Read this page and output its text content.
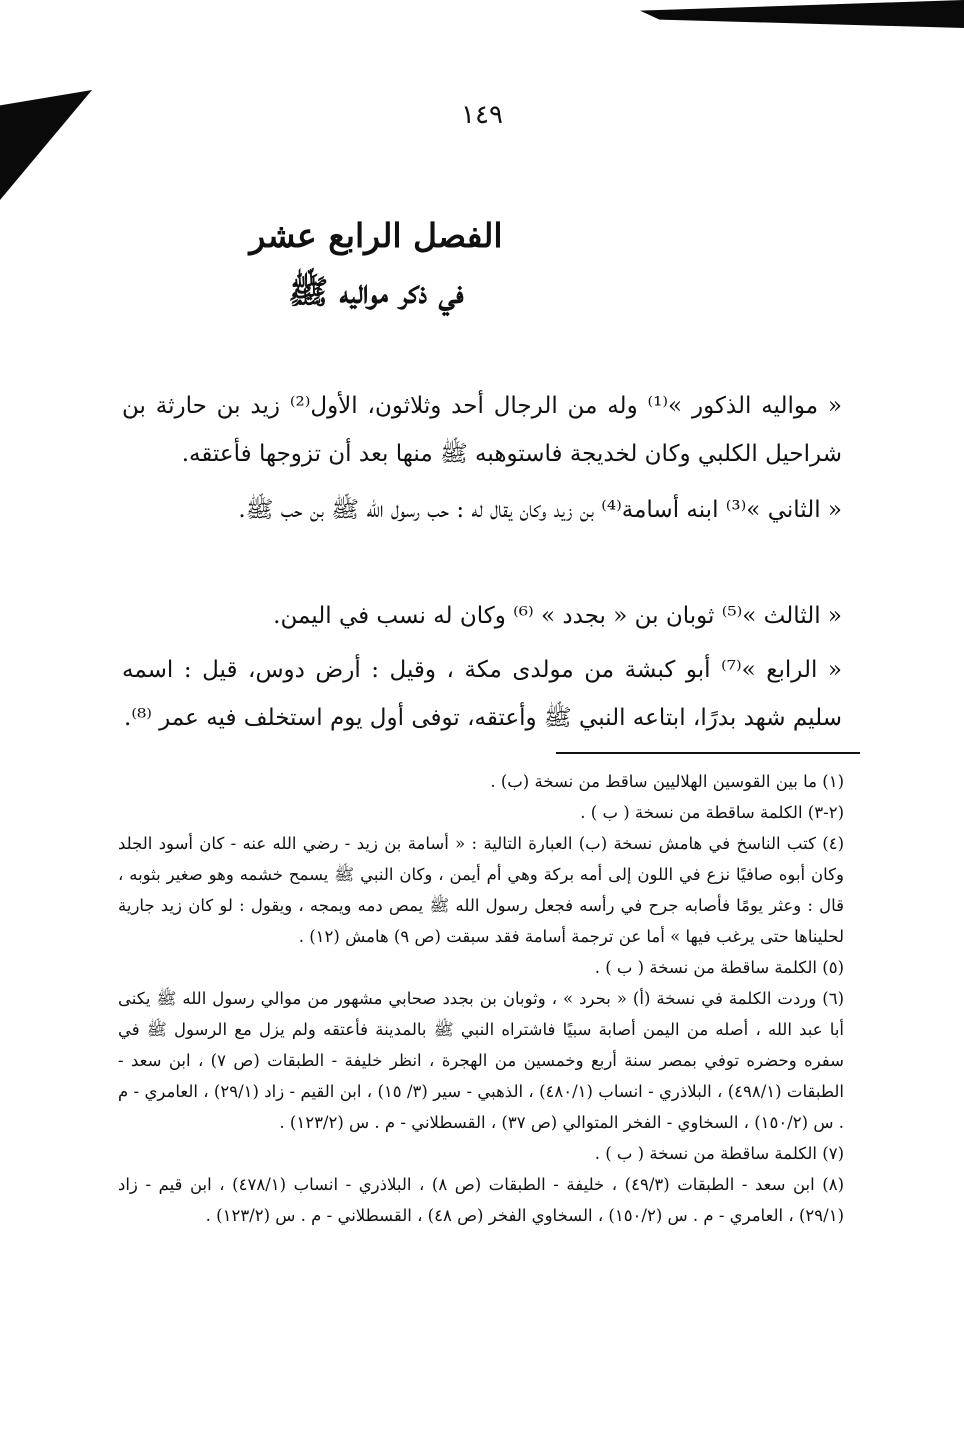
١٤٩
الفصل الرابع عشر
في ذكر مواليه ﷺ
« مواليه الذكور »⁽¹⁾ وله من الرجال أحد وثلاثون، الأول⁽²⁾ زيد بن حارثة بن شراحيل الكلبي وكان لخديجة فاستوهبه ﷺ منها بعد أن تزوجها فأعتقه.
« الثاني »⁽³⁾ ابنه أسامة⁽⁴⁾ بن زيد وكان يقال له : حب رسول الله ﷺ بن حب ﷺ.
« الثالث »⁽⁵⁾ ثوبان بن « بجدد » ⁽⁶⁾ وكان له نسب في اليمن.
« الرابع »⁽⁷⁾ أبو كبشة من مولدى مكة ، وقيل : أرض دوس، قيل : اسمه سليم شهد بدرًا، ابتاعه النبي ﷺ وأعتقه، توفى أول يوم استخلف فيه عمر ⁽⁸⁾.

(١) ما بين القوسين الهلاليين ساقط من نسخة (ب) .

(٢-٣) الكلمة ساقطة من نسخة ( ب ) .

(٤) كتب الناسخ في هامش نسخة (ب) العبارة التالية : « أسامة بن زيد - رضي الله عنه - كان أسود الجلد وكان أبوه صافيًا نزع في اللون إلى أمه بركة وهي أم أيمن ، وكان النبي ﷺ يسمح خشمه وهو صغير بثوبه ، قال : وعثر يومًا فأصابه جرح في رأسه فجعل رسول الله ﷺ يمص دمه ويمجه ، ويقول : لو كان زيد جارية لحليناها حتى يرغب فيها » أما عن ترجمة أسامة فقد سبقت (ص ٩) هامش (١٢) .

(٥) الكلمة ساقطة من نسخة ( ب ) .

(٦) وردت الكلمة في نسخة (أ) « بحرد » ، وثوبان بن بجدد صحابي مشهور من موالي رسول الله ﷺ يكنى أبا عبد الله ، أصله من اليمن أصابة سبيًا فاشتراه النبي ﷺ بالمدينة فأعتقه ولم يزل مع الرسول ﷺ في سفره وحضره توفي بمصر سنة أربع وخمسين من الهجرة ، انظر خليفة - الطبقات (ص ٧) ، ابن سعد - الطبقات (٤٩٨/١) ، البلاذري - انساب (٤٨٠/١) ، الذهبي - سير (٣/ ١٥) ، ابن القيم - زاد (٢٩/١) ، العامري - م . س (١٥٠/٢) ، السخاوي - الفخر المتوالي (ص ٣٧) ، القسطلاني - م . س (١٢٣/٢) .

(٧) الكلمة ساقطة من نسخة ( ب ) .

(٨) ابن سعد - الطبقات (٤٩/٣) ، خليفة - الطبقات (ص ٨) ، البلاذري - انساب (٤٧٨/١) ، ابن قيم - زاد (٢٩/١) ، العامري - م . س (١٥٠/٢) ، السخاوي الفخر (ص ٤٨) ، القسطلاني - م . س (١٢٣/٢) .
